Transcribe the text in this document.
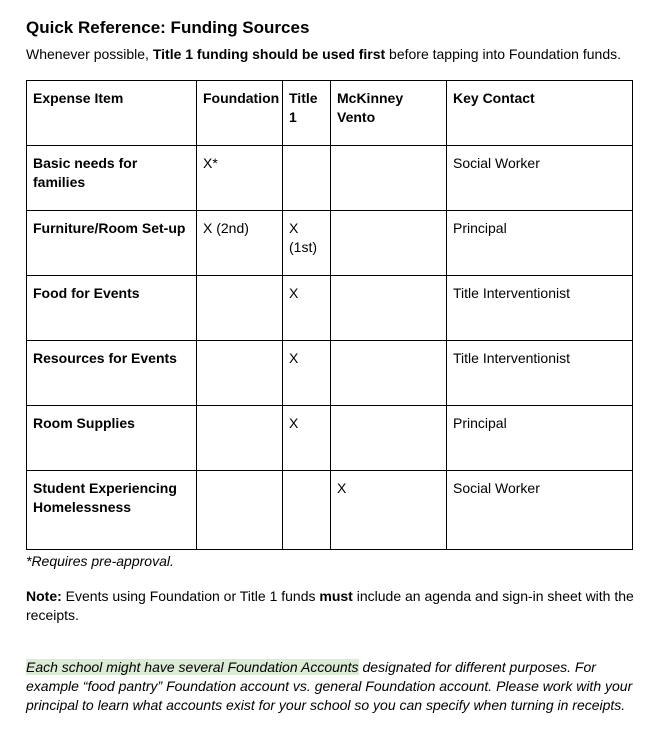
Quick Reference: Funding Sources
Whenever possible, Title 1 funding should be used first before tapping into Foundation funds.
Expense Item	Foundation	Title 1	McKinney Vento	Key Contact
Basic needs for families	X*			Social Worker
Furniture/Room Set-up	X (2nd)	X (1st)		Principal
Food for Events		X		Title Interventionist
Resources for Events		X		Title Interventionist
Room Supplies		X		Principal
Student Experiencing Homelessness			X	Social Worker
*Requires pre-approval.
Note: Events using Foundation or Title 1 funds must include an agenda and sign-in sheet with the receipts.
Each school might have several Foundation Accounts designated for different purposes. For example “food pantry” Foundation account vs. general Foundation account. Please work with your principal to learn what accounts exist for your school so you can specify when turning in receipts.
